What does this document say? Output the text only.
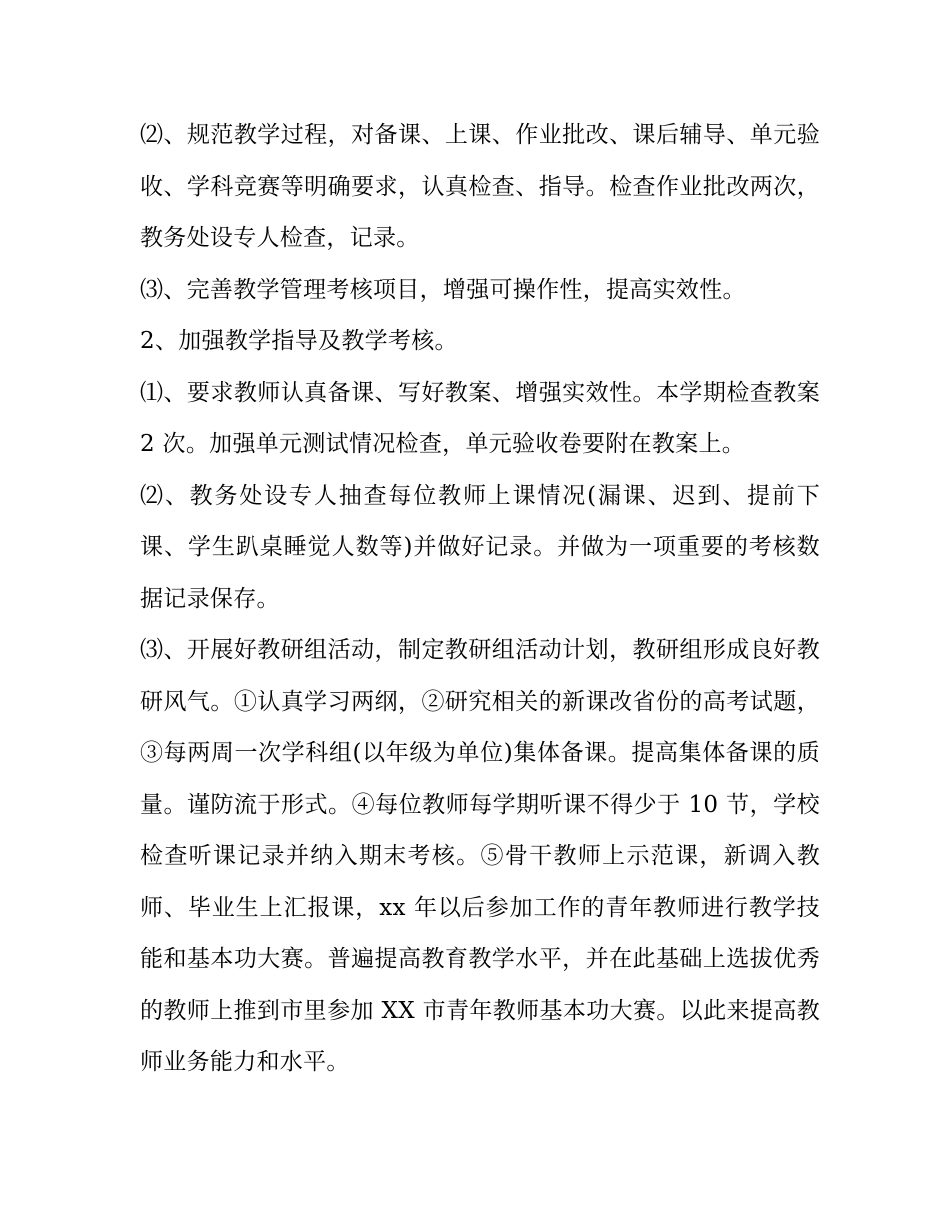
⑵、规范教学过程，对备课、上课、作业批改、课后辅导、单元验收、学科竞赛等明确要求，认真检查、指导。检查作业批改两次，教务处设专人检查，记录。

⑶、完善教学管理考核项目，增强可操作性，提高实效性。

2、加强教学指导及教学考核。

⑴、要求教师认真备课、写好教案、增强实效性。本学期检查教案 2 次。加强单元测试情况检查，单元验收卷要附在教案上。

⑵、教务处设专人抽查每位教师上课情况(漏课、迟到、提前下课、学生趴桌睡觉人数等)并做好记录。并做为一项重要的考核数据记录保存。

⑶、开展好教研组活动，制定教研组活动计划，教研组形成良好教研风气。①认真学习两纲，②研究相关的新课改省份的高考试题，③每两周一次学科组(以年级为单位)集体备课。提高集体备课的质量。谨防流于形式。④每位教师每学期听课不得少于 10 节，学校检查听课记录并纳入期末考核。⑤骨干教师上示范课，新调入教师、毕业生上汇报课，xx 年以后参加工作的青年教师进行教学技能和基本功大赛。普遍提高教育教学水平，并在此基础上选拔优秀的教师上推到市里参加 XX 市青年教师基本功大赛。以此来提高教师业务能力和水平。
